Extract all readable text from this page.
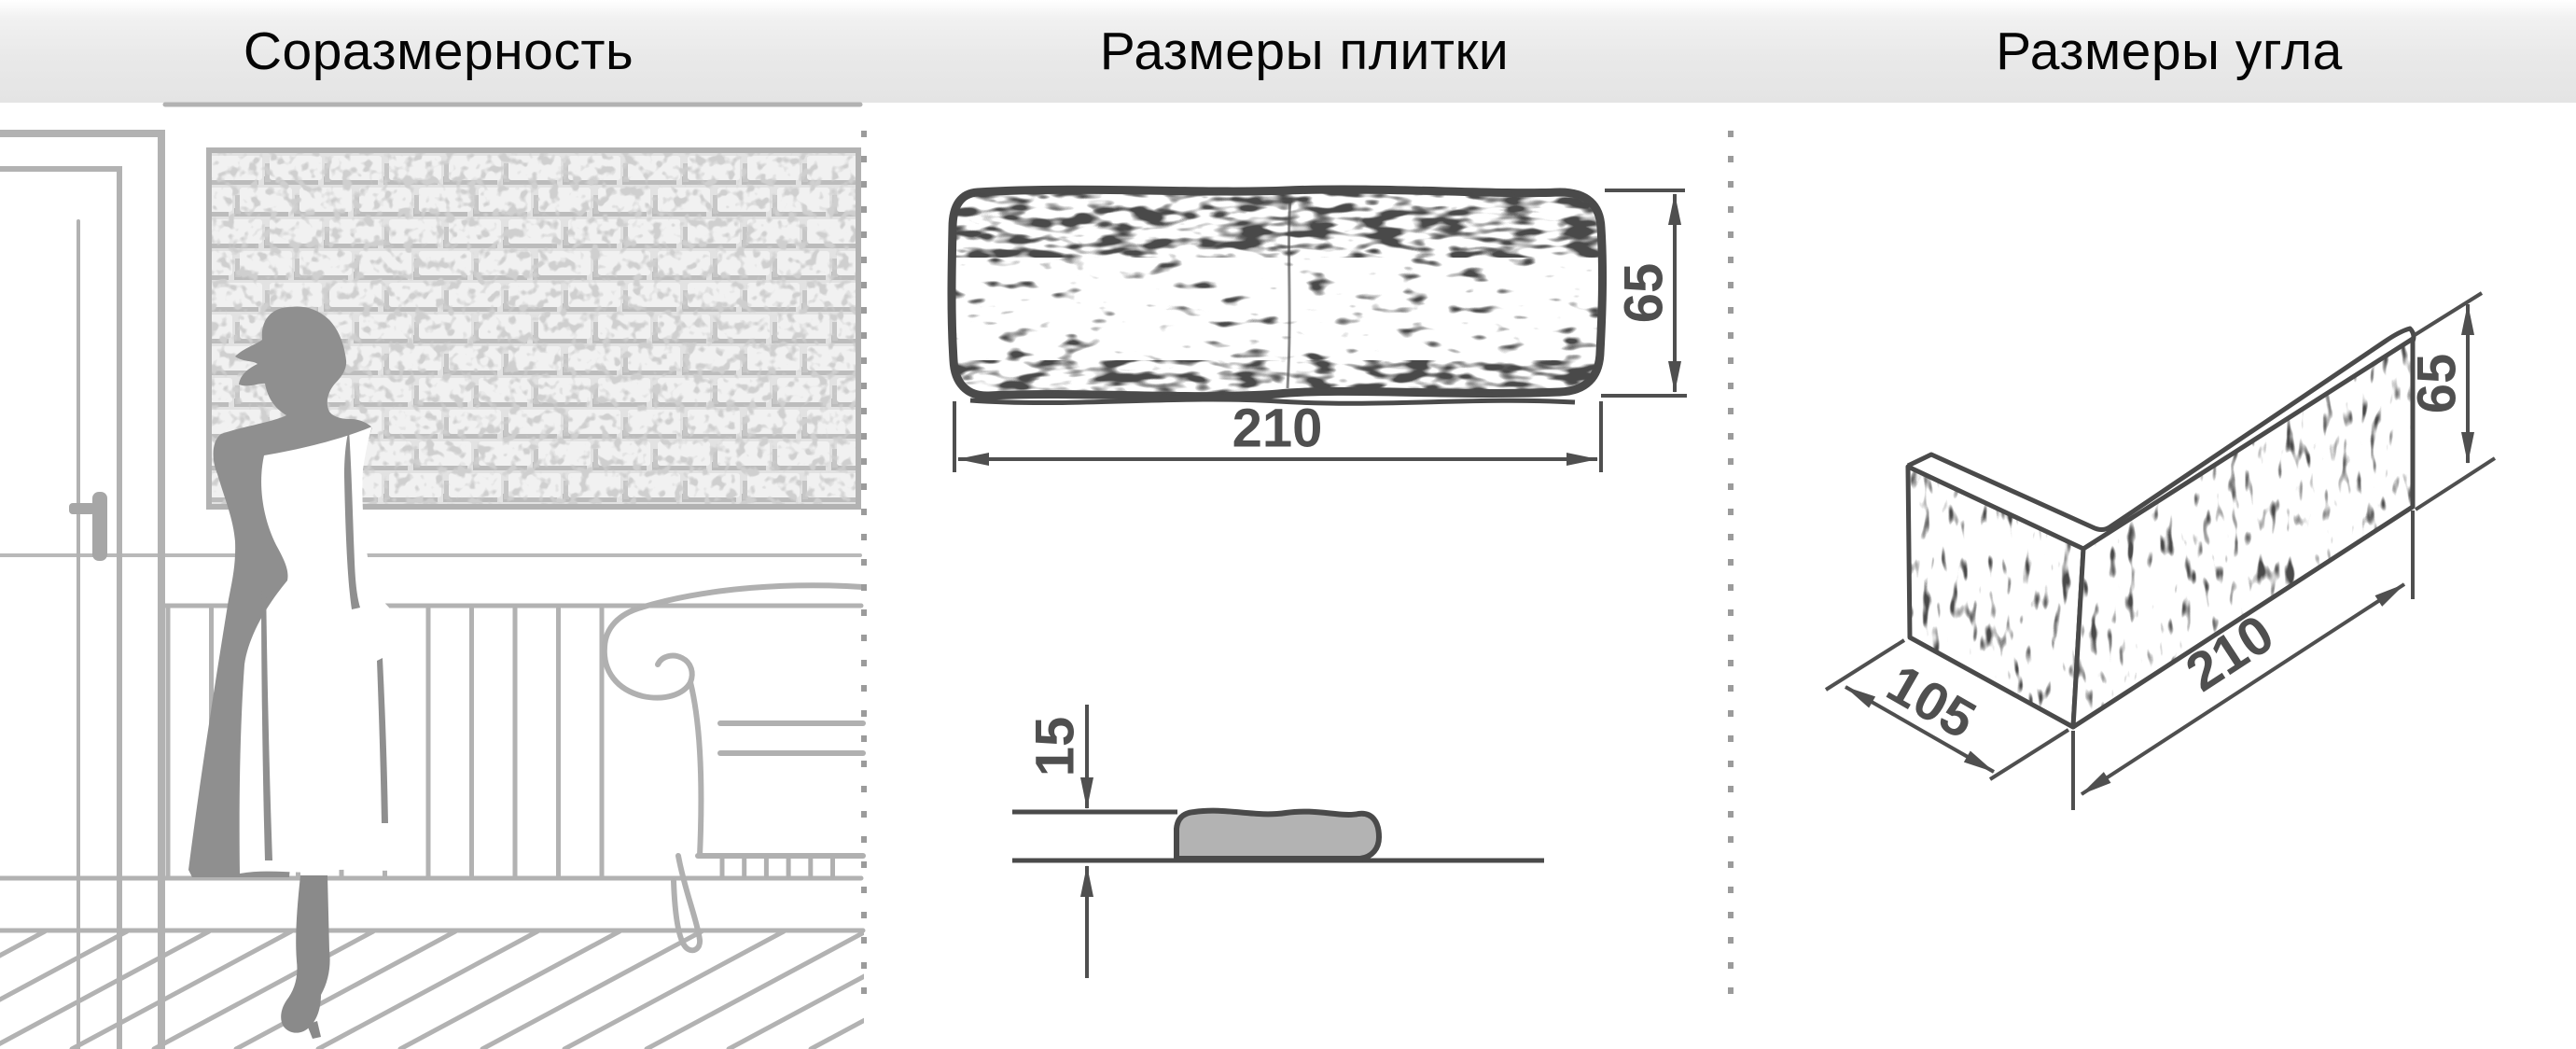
Соразмерность	Размеры плитки	Размеры угла
65
210
15
65
210
105
